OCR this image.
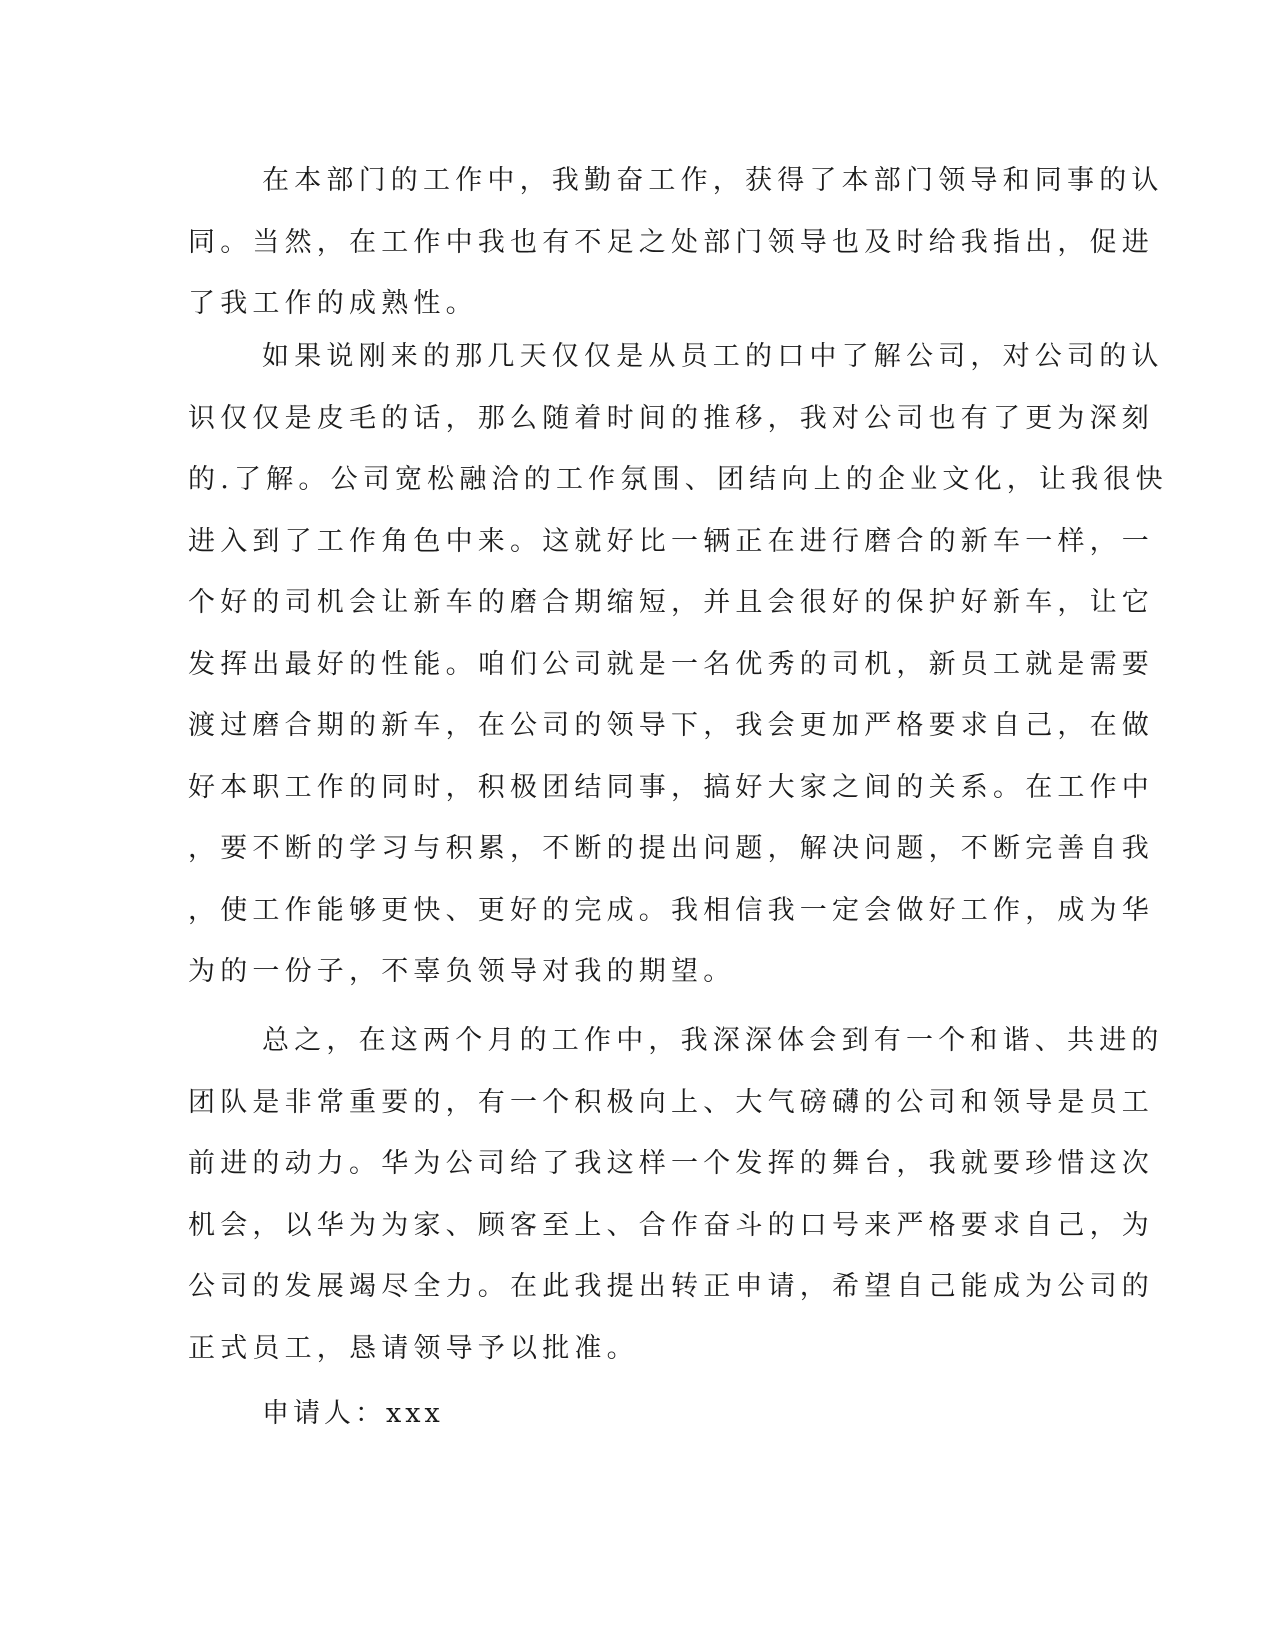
在本部门的工作中，我勤奋工作，获得了本部门领导和同事的认
同。当然，在工作中我也有不足之处部门领导也及时给我指出，促进
了我工作的成熟性。
如果说刚来的那几天仅仅是从员工的口中了解公司，对公司的认
识仅仅是皮毛的话，那么随着时间的推移，我对公司也有了更为深刻
的.了解。公司宽松融洽的工作氛围、团结向上的企业文化，让我很快
进入到了工作角色中来。这就好比一辆正在进行磨合的新车一样，一
个好的司机会让新车的磨合期缩短，并且会很好的保护好新车，让它
发挥出最好的性能。咱们公司就是一名优秀的司机，新员工就是需要
渡过磨合期的新车，在公司的领导下，我会更加严格要求自己，在做
好本职工作的同时，积极团结同事，搞好大家之间的关系。在工作中
，要不断的学习与积累，不断的提出问题，解决问题，不断完善自我
，使工作能够更快、更好的完成。我相信我一定会做好工作，成为华
为的一份子，不辜负领导对我的期望。
总之，在这两个月的工作中，我深深体会到有一个和谐、共进的
团队是非常重要的，有一个积极向上、大气磅礴的公司和领导是员工
前进的动力。华为公司给了我这样一个发挥的舞台，我就要珍惜这次
机会，以华为为家、顾客至上、合作奋斗的口号来严格要求自己，为
公司的发展竭尽全力。在此我提出转正申请，希望自己能成为公司的
正式员工，恳请领导予以批准。
申请人：xxx
